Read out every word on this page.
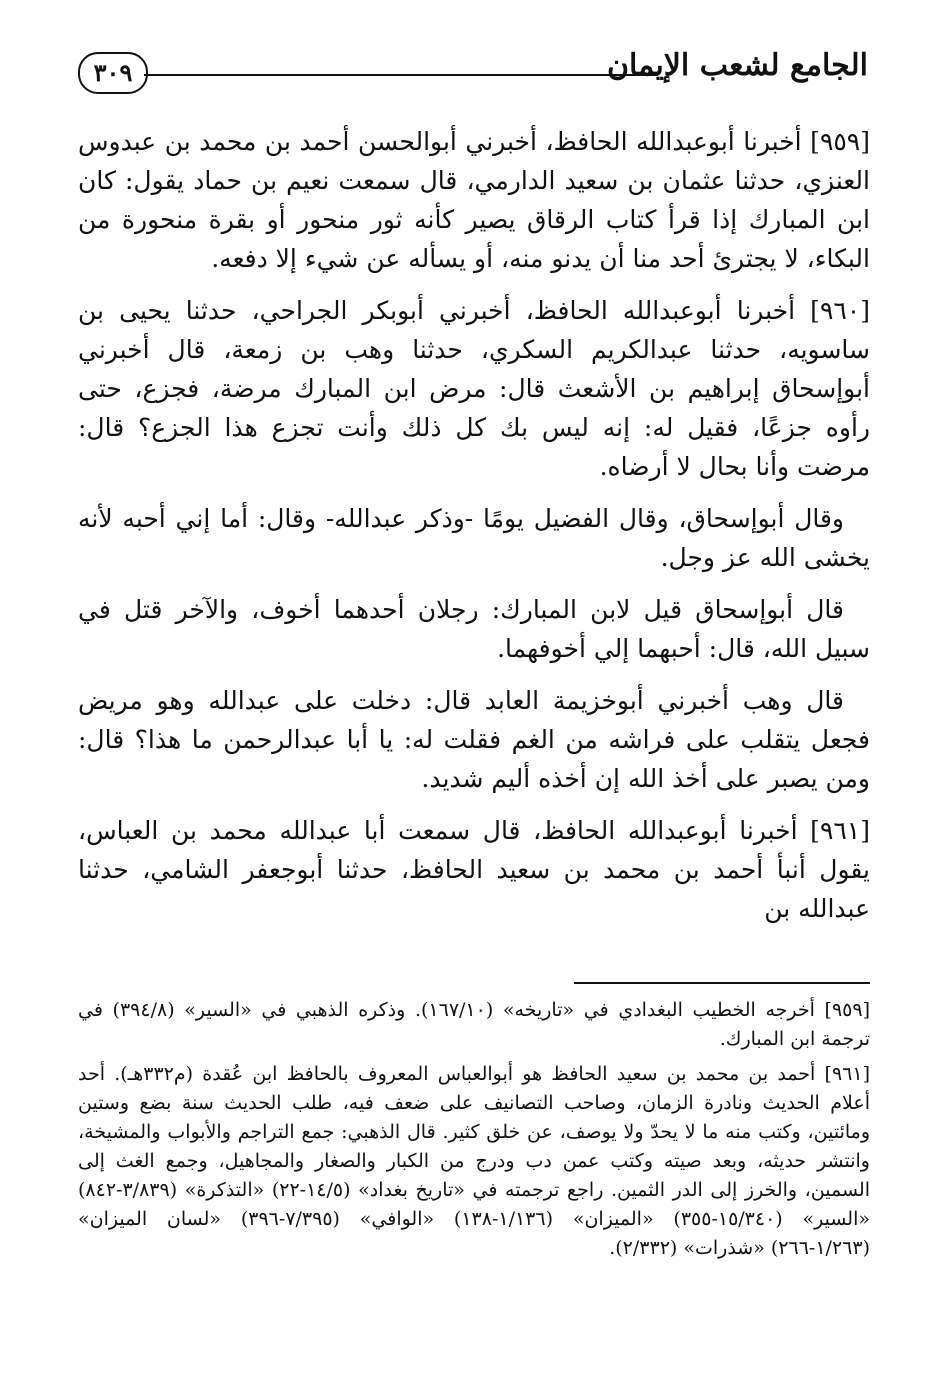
الجامع لشعب الإيمان
٣٠٩

[٩٥٩] أخبرنا أبوعبدالله الحافظ، أخبرني أبوالحسن أحمد بن محمد بن عبدوس العنزي، حدثنا عثمان بن سعيد الدارمي، قال سمعت نعيم بن حماد يقول: كان ابن المبارك إذا قرأ كتاب الرقاق يصير كأنه ثور منحور أو بقرة منحورة من البكاء، لا يجترئ أحد منا أن يدنو منه، أو يسأله عن شيء إلا دفعه.

[٩٦٠] أخبرنا أبوعبدالله الحافظ، أخبرني أبوبكر الجراحي، حدثنا يحيى بن ساسويه، حدثنا عبدالكريم السكري، حدثنا وهب بن زمعة، قال أخبرني أبوإسحاق إبراهيم بن الأشعث قال: مرض ابن المبارك مرضة، فجزع، حتى رأوه جزعًا، فقيل له: إنه ليس بك كل ذلك وأنت تجزع هذا الجزع؟ قال: مرضت وأنا بحال لا أرضاه.

وقال أبوإسحاق، وقال الفضيل يومًا -وذكر عبدالله- وقال: أما إني أحبه لأنه يخشى الله عز وجل.

قال أبوإسحاق قيل لابن المبارك: رجلان أحدهما أخوف، والآخر قتل في سبيل الله، قال: أحبهما إلي أخوفهما.

قال وهب أخبرني أبوخزيمة العابد قال: دخلت على عبدالله وهو مريض فجعل يتقلب على فراشه من الغم فقلت له: يا أبا عبدالرحمن ما هذا؟ قال: ومن يصبر على أخذ الله إن أخذه أليم شديد.

[٩٦١] أخبرنا أبوعبدالله الحافظ، قال سمعت أبا عبدالله محمد بن العباس، يقول أنبأ أحمد بن محمد بن سعيد الحافظ، حدثنا أبوجعفر الشامي، حدثنا عبدالله بن

[٩٥٩] أخرجه الخطيب البغدادي في «تاريخه» (١٦٧/١٠). وذكره الذهبي في «السير» (٣٩٤/٨) في ترجمة ابن المبارك.

[٩٦١] أحمد بن محمد بن سعيد الحافظ هو أبوالعباس المعروف بالحافظ ابن عُقدة (م٣٣٢هـ). أحد أعلام الحديث ونادرة الزمان، وصاحب التصانيف على ضعف فيه، طلب الحديث سنة بضع وستين ومائتين، وكتب منه ما لا يحدّ ولا يوصف، عن خلق كثير. قال الذهبي: جمع التراجم والأبواب والمشيخة، وانتشر حديثه، وبعد صيته وكتب عمن دب ودرج من الكبار والصغار والمجاهيل، وجمع الغث إلى السمين، والخرز إلى الدر الثمين. راجع ترجمته في «تاريخ بغداد» (١٤/٥-٢٢) «التذكرة» (٣/٨٣٩-٨٤٢) «السير» (١٥/٣٤٠-٣٥٥) «الميزان» (١/١٣٦-١٣٨) «الوافي» (٧/٣٩٥-٣٩٦) «لسان الميزان» (١/٢٦٣-٢٦٦) «شذرات» (٢/٣٣٢).
